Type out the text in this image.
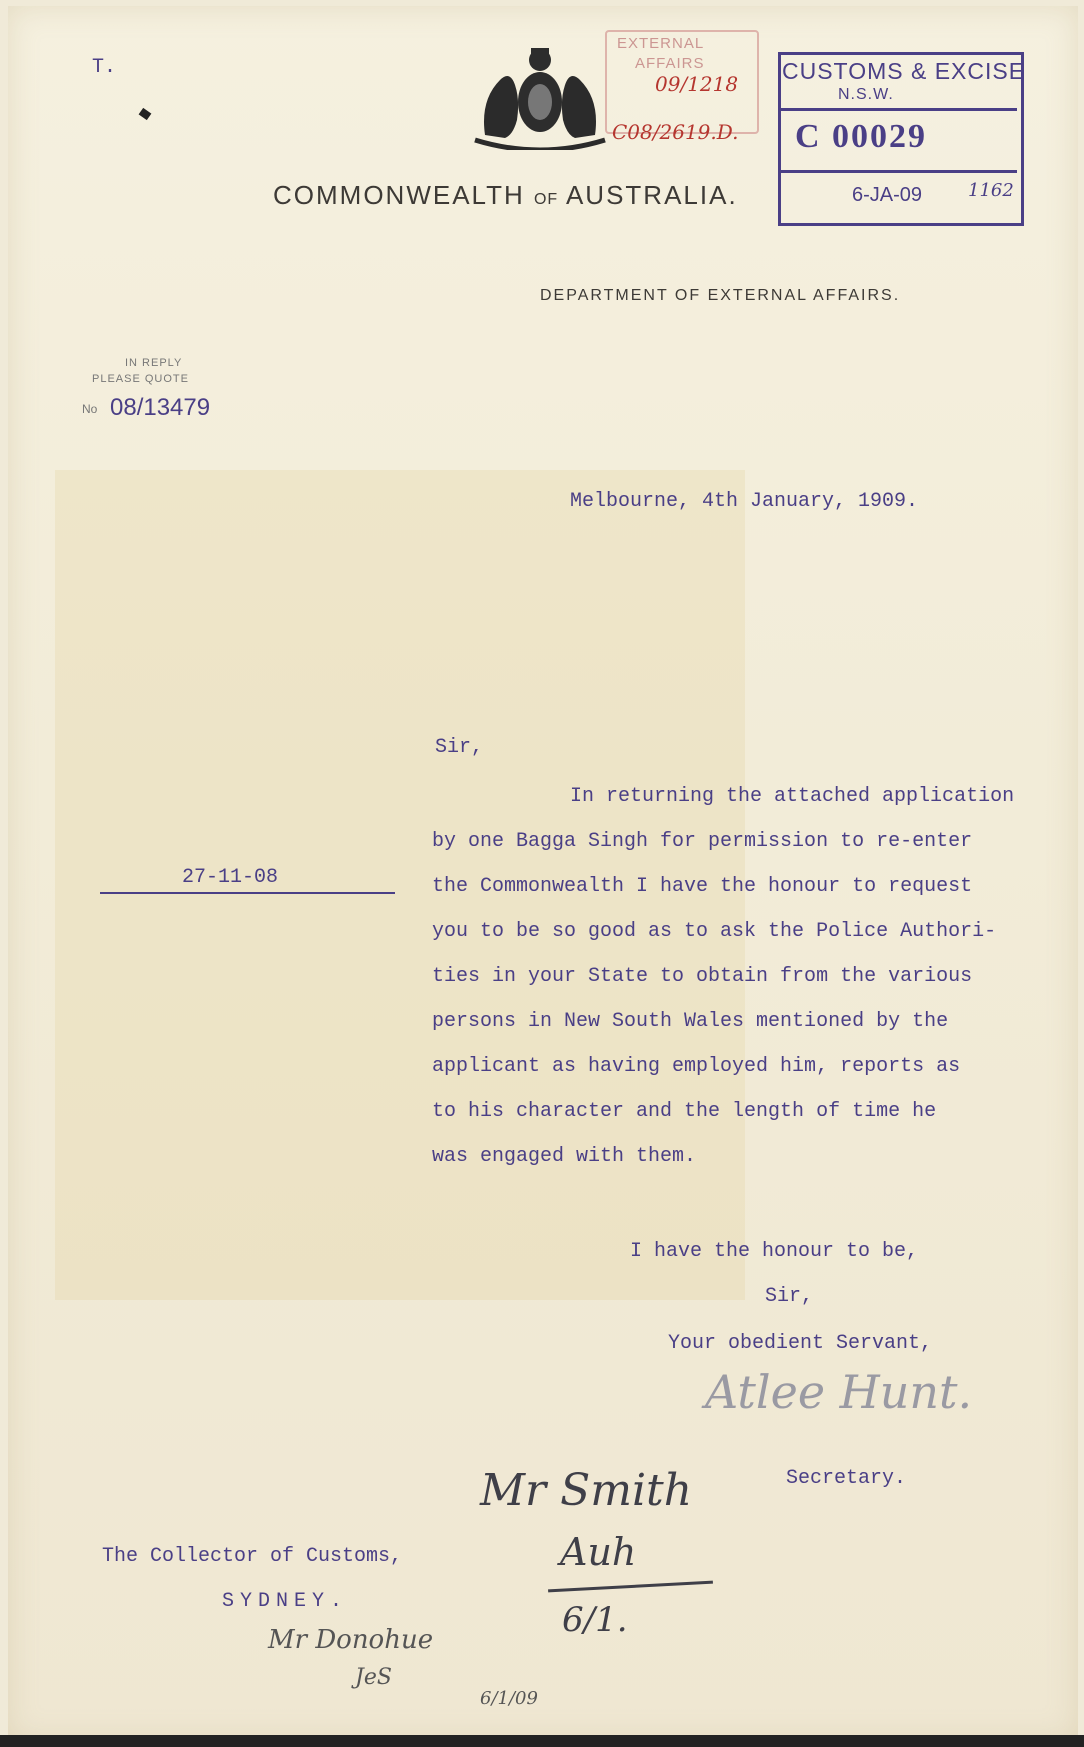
T.
EXTERNAL
AFFAIRS
09/1218
C08/2619.D.
CUSTOMS & EXCISE
N.S.W.
C 00029
6-JA-09	1162
COMMONWEALTH OF AUSTRALIA.
DEPARTMENT OF EXTERNAL AFFAIRS.
IN REPLY
PLEASE QUOTE
No 08/13479
Melbourne, 4th January, 1909.
27-11-08
Sir,
In returning the attached application
by one Bagga Singh for permission to re-enter
the Commonwealth I have the honour to request
you to be so good as to ask the Police Authori-
ties in your State to obtain from the various
persons in New South Wales mentioned by the
applicant as having employed him, reports as
to his character and the length of time he
was engaged with them.
I have the honour to be,
Sir,
Your obedient Servant,
Atlee Hunt.
Secretary.
Mr Smith
Auh
6/1.
The Collector of Customs,
SYDNEY.
Mr Donohue
JeS
6/1/09
